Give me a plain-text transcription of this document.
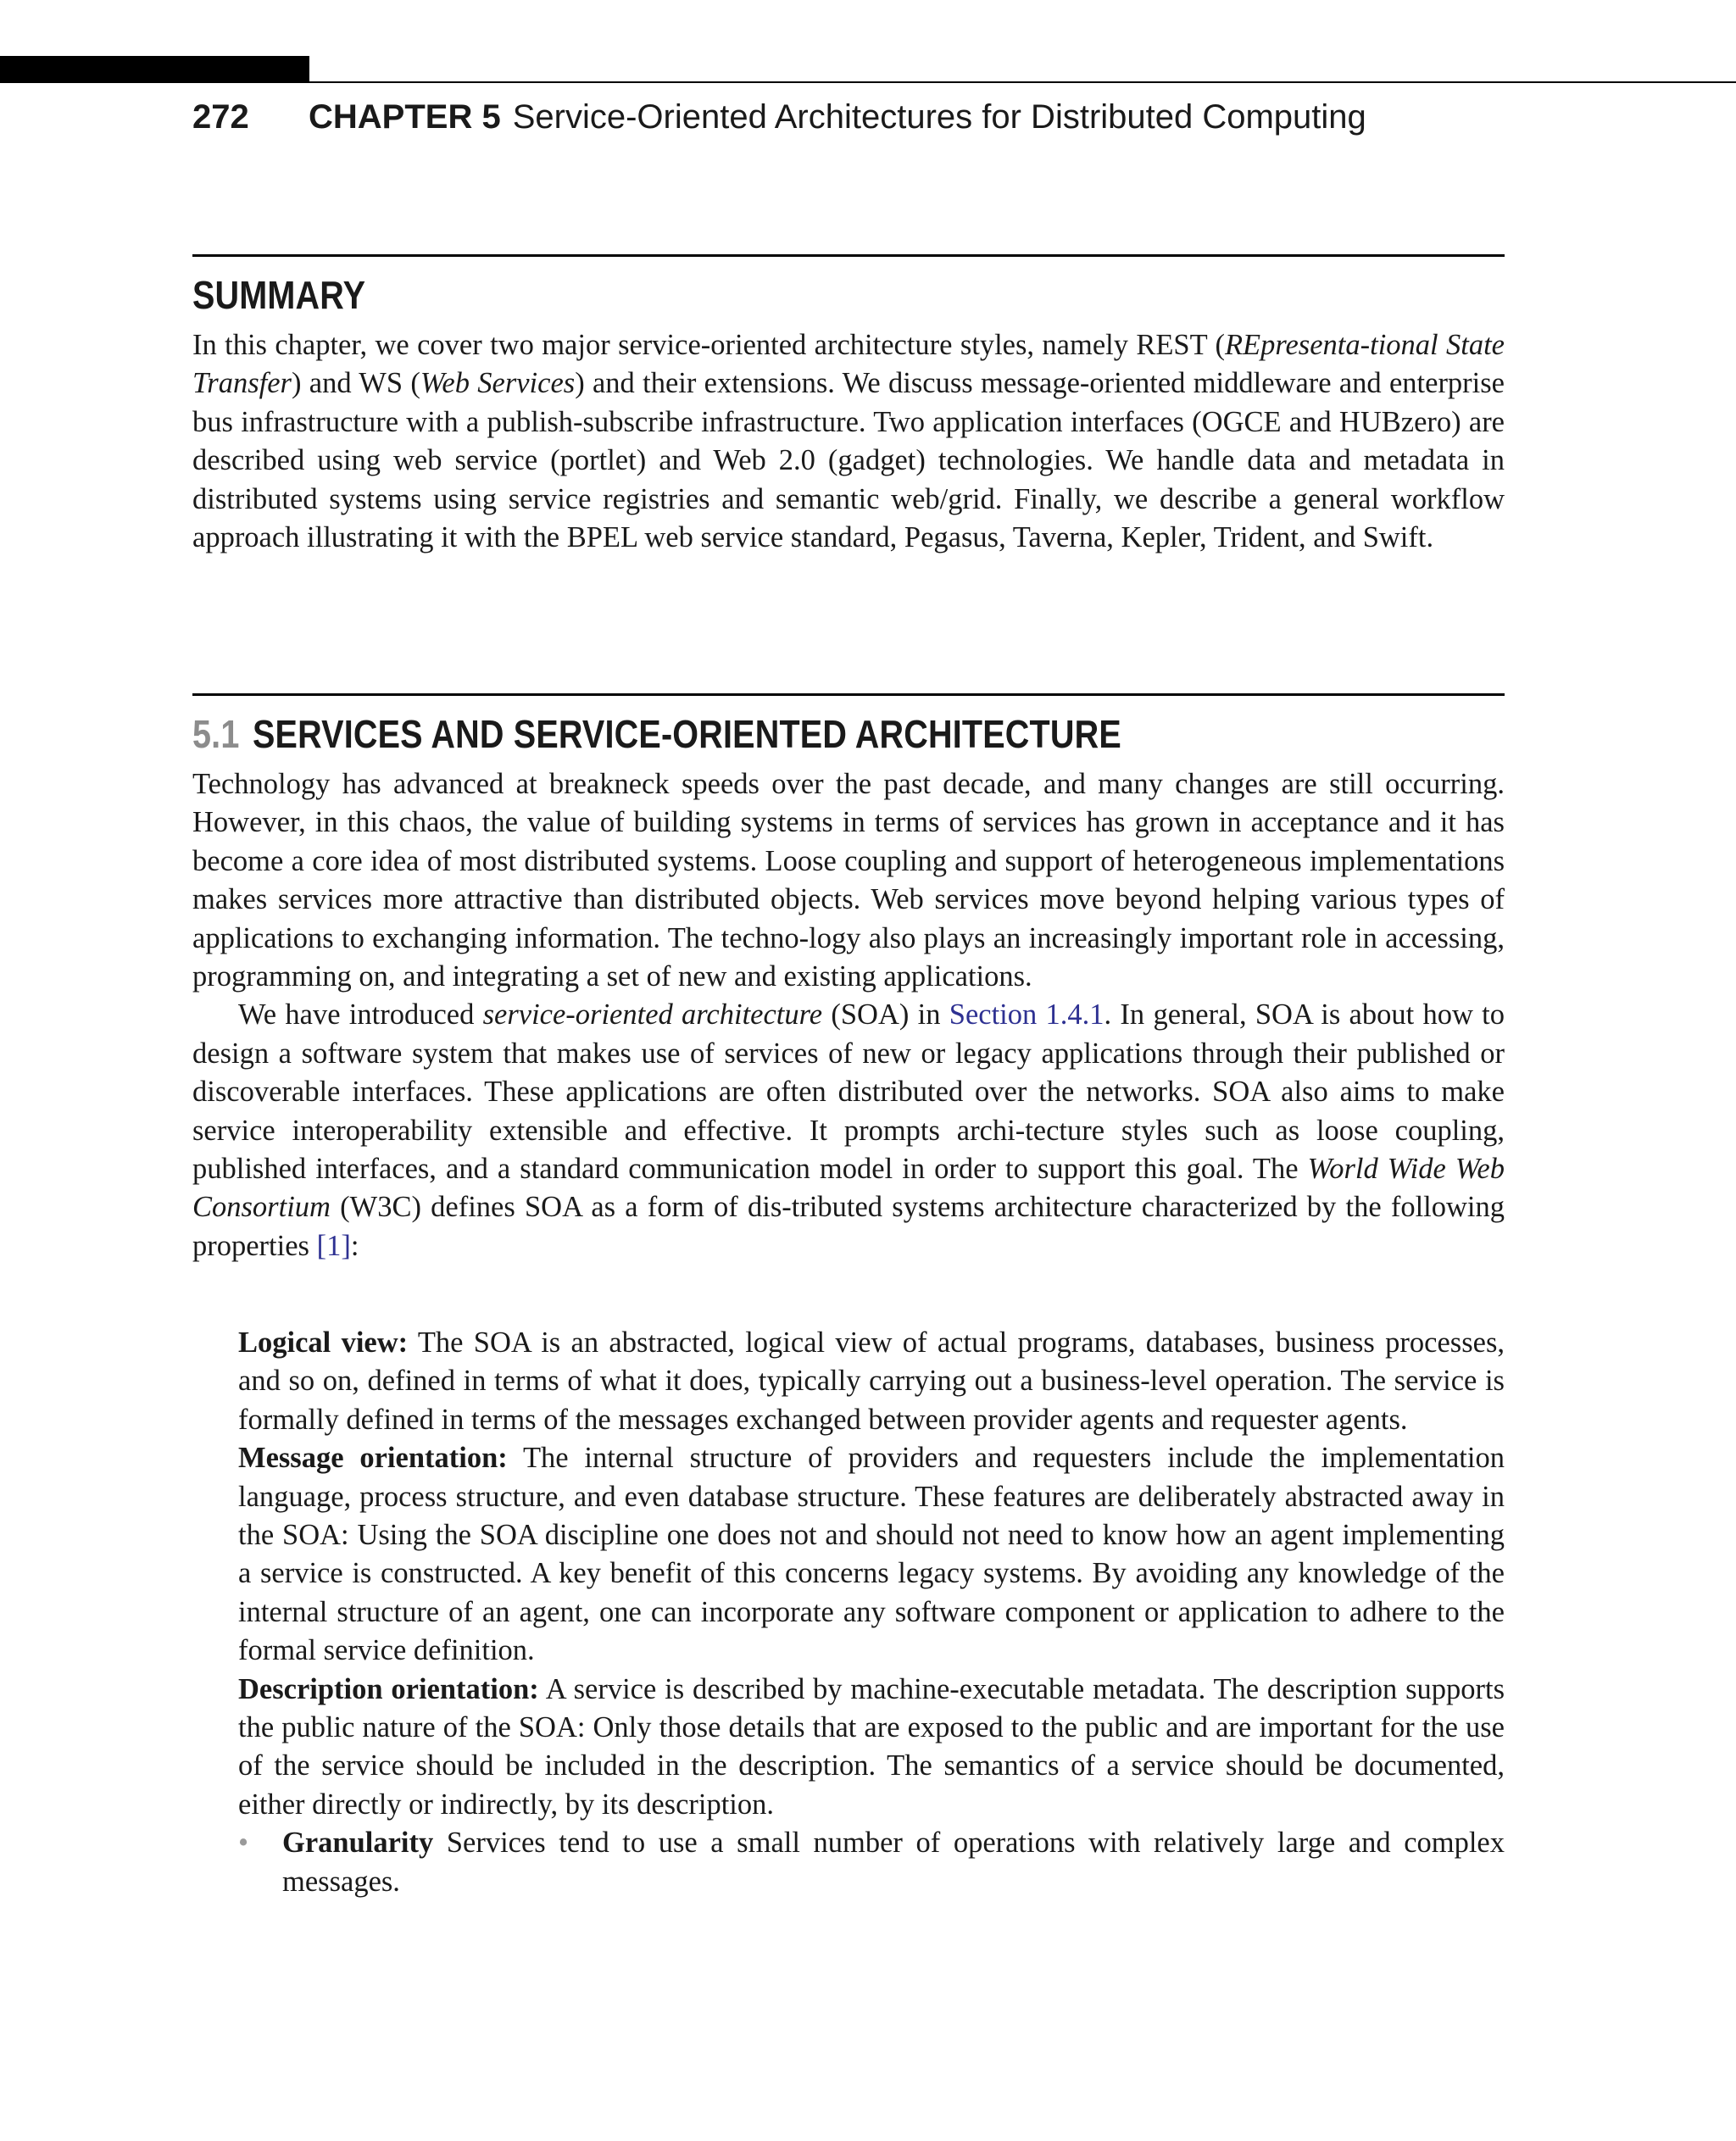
272 CHAPTER 5 Service-Oriented Architectures for Distributed Computing
SUMMARY

In this chapter, we cover two major service-oriented architecture styles, namely REST (REpresenta-tional State Transfer) and WS (Web Services) and their extensions. We discuss message-oriented middleware and enterprise bus infrastructure with a publish-subscribe infrastructure. Two application interfaces (OGCE and HUBzero) are described using web service (portlet) and Web 2.0 (gadget) technologies. We handle data and metadata in distributed systems using service registries and semantic web/grid. Finally, we describe a general workflow approach illustrating it with the BPEL web service standard, Pegasus, Taverna, Kepler, Trident, and Swift.

5.1 SERVICES AND SERVICE-ORIENTED ARCHITECTURE

Technology has advanced at breakneck speeds over the past decade, and many changes are still occurring. However, in this chaos, the value of building systems in terms of services has grown in acceptance and it has become a core idea of most distributed systems. Loose coupling and support of heterogeneous implementations makes services more attractive than distributed objects. Web services move beyond helping various types of applications to exchanging information. The techno-logy also plays an increasingly important role in accessing, programming on, and integrating a set of new and existing applications.

We have introduced service-oriented architecture (SOA) in Section 1.4.1. In general, SOA is about how to design a software system that makes use of services of new or legacy applications through their published or discoverable interfaces. These applications are often distributed over the networks. SOA also aims to make service interoperability extensible and effective. It prompts archi-tecture styles such as loose coupling, published interfaces, and a standard communication model in order to support this goal. The World Wide Web Consortium (W3C) defines SOA as a form of dis-tributed systems architecture characterized by the following properties [1]:

Logical view: The SOA is an abstracted, logical view of actual programs, databases, business processes, and so on, defined in terms of what it does, typically carrying out a business-level operation. The service is formally defined in terms of the messages exchanged between provider agents and requester agents.

Message orientation: The internal structure of providers and requesters include the implementation language, process structure, and even database structure. These features are deliberately abstracted away in the SOA: Using the SOA discipline one does not and should not need to know how an agent implementing a service is constructed. A key benefit of this concerns legacy systems. By avoiding any knowledge of the internal structure of an agent, one can incorporate any software component or application to adhere to the formal service definition.

Description orientation: A service is described by machine-executable metadata. The description supports the public nature of the SOA: Only those details that are exposed to the public and are important for the use of the service should be included in the description. The semantics of a service should be documented, either directly or indirectly, by its description.

• Granularity Services tend to use a small number of operations with relatively large and complex messages.
